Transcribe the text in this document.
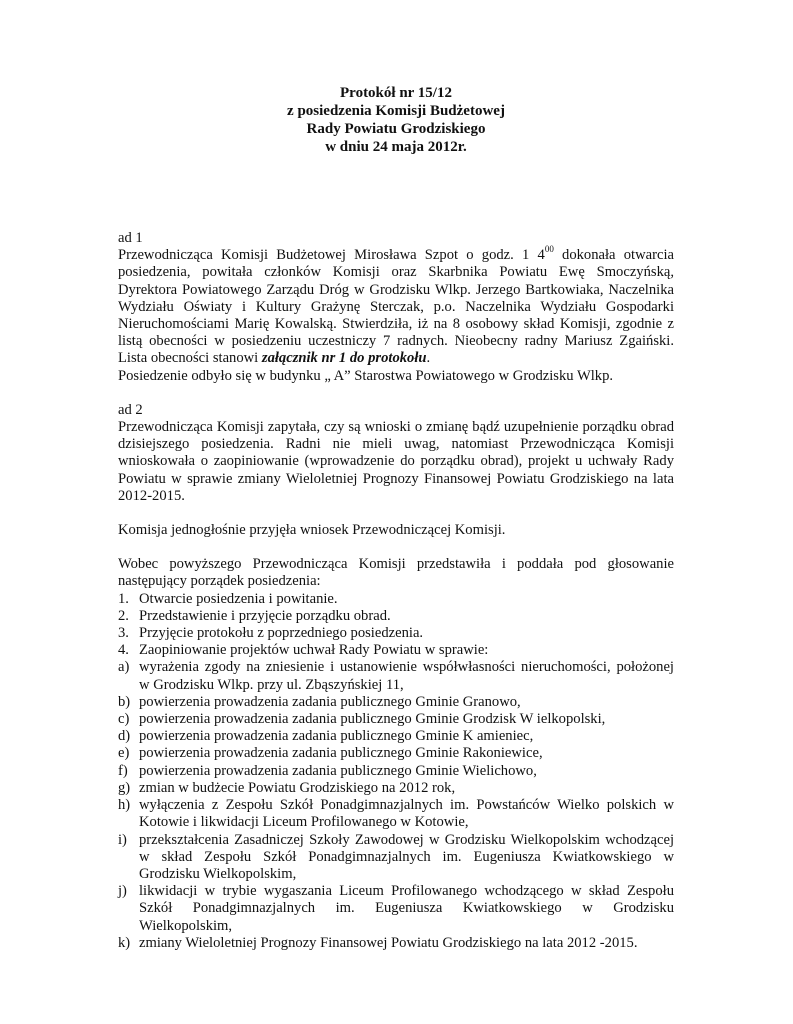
Protokół nr 15/12
z posiedzenia Komisji Budżetowej
Rady Powiatu Grodziskiego
w dniu 24 maja 2012r.
ad 1
Przewodnicząca Komisji Budżetowej Mirosława Szpot o godz. 1 $4^{00}$ dokonała otwarcia
posiedzenia, powitała członków Komisji oraz Skarbnika Powiatu Ewę Smoczyńską,
Dyrektora Powiatowego Zarządu Dróg w Grodzisku Wlkp. Jerzego Bartkowiaka, Naczelnika
Wydziału Oświaty i Kultury Grażynę Sterczak, p.o. Naczelnika Wydziału Gospodarki
Nieruchomościami Marię Kowalską. Stwierdziła, iż na 8 osobowy skład Komisji, zgodnie z
listą obecności w posiedzeniu uczestniczy 7 radnych. Nieobecny radny Mariusz Zgaiński.
Lista obecności stanowi załącznik nr 1 do protokołu.
Posiedzenie odbyło się w budynku „ A” Starostwa Powiatowego w Grodzisku Wlkp.
ad 2
Przewodnicząca Komisji zapytała, czy są wnioski o zmianę bądź uzupełnienie porządku obrad
dzisiejszego posiedzenia. Radni nie mieli uwag, natomiast Przewodnicząca Komisji
wnioskowała o zaopiniowanie (wprowadzenie do porządku obrad), projekt u uchwały Rady
Powiatu w sprawie zmiany Wieloletniej Prognozy Finansowej Powiatu Grodziskiego na lata
2012-2015.
Komisja jednogłośnie przyjęła wniosek Przewodniczącej Komisji.
Wobec powyższego Przewodnicząca Komisji przedstawiła i poddała pod głosowanie
następujący porządek posiedzenia:
1. Otwarcie posiedzenia i powitanie.
2. Przedstawienie i przyjęcie porządku obrad.
3. Przyjęcie protokołu z poprzedniego posiedzenia.
4. Zaopiniowanie projektów uchwał Rady Powiatu w sprawie:
a) wyrażenia zgody na zniesienie i ustanowienie współwłasności nieruchomości, położonej
w Grodzisku Wlkp. przy ul. Zbąszyńskiej 11,
b) powierzenia prowadzenia zadania publicznego Gminie Granowo,
c) powierzenia prowadzenia zadania publicznego Gminie Grodzisk W ielkopolski,
d) powierzenia prowadzenia zadania publicznego Gminie K amieniec,
e) powierzenia prowadzenia zadania publicznego Gminie Rakoniewice,
f) powierzenia prowadzenia zadania publicznego Gminie Wielichowo,
g) zmian w budżecie Powiatu Grodziskiego na 2012 rok,
h) wyłączenia z Zespołu Szkół Ponadgimnazjalnych im. Powstańców Wielko polskich w
Kotowie i likwidacji Liceum Profilowanego w Kotowie,
i) przekształcenia Zasadniczej Szkoły Zawodowej w Grodzisku Wielkopolskim wchodzącej
w skład Zespołu Szkół Ponadgimnazjalnych im. Eugeniusza Kwiatkowskiego w
Grodzisku Wielkopolskim,
j) likwidacji w trybie wygaszania Liceum Profilowanego wchodzącego w skład Zespołu
Szkół Ponadgimnazjalnych im. Eugeniusza Kwiatkowskiego w Grodzisku
Wielkopolskim,
k) zmiany Wieloletniej Prognozy Finansowej Powiatu Grodziskiego na lata 2012 -2015.
